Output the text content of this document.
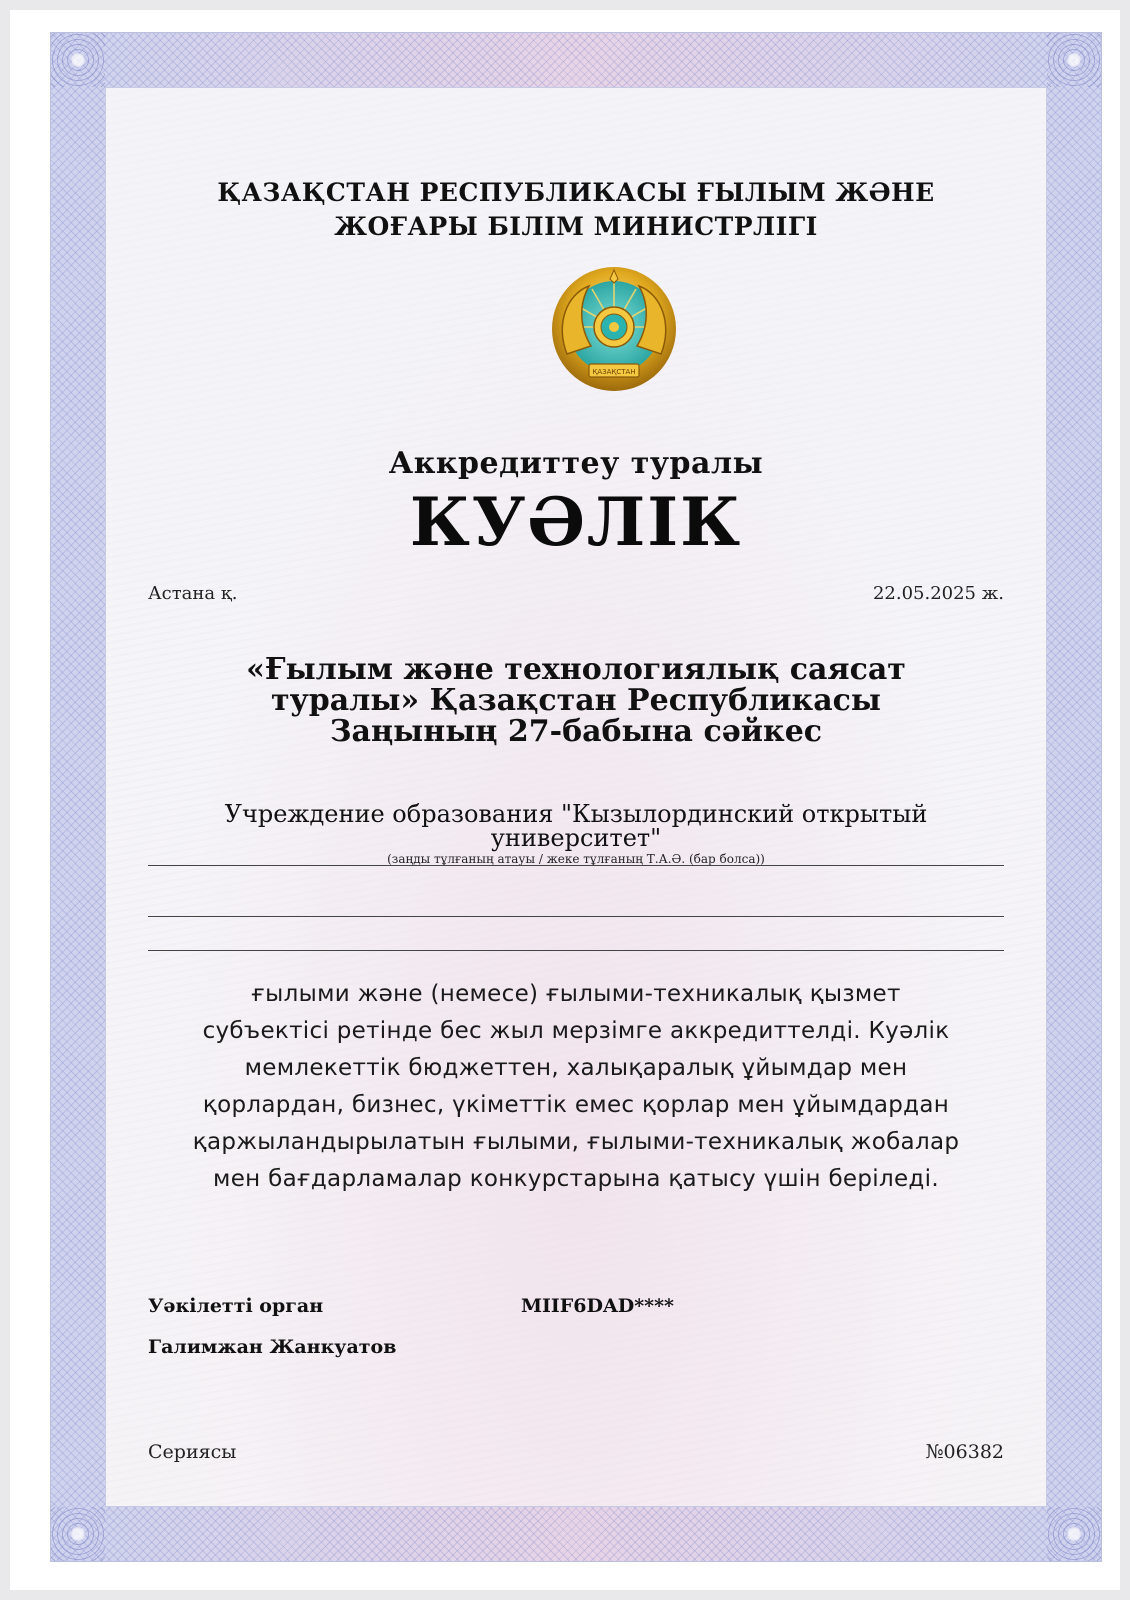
ҚАЗАҚСТАН РЕСПУБЛИКАСЫ ҒЫЛЫМ ЖӘНЕ
ЖОҒАРЫ БІЛІМ МИНИСТРЛІГІ
ҚАЗАҚСТАН
Аккредиттеу туралы
КУӘЛІК
Астана қ.	22.05.2025 ж.
«Ғылым және технологиялық саясат
туралы» Қазақстан Республикасы
Заңының 27-бабына сәйкес
Учреждение образования "Кызылординский открытый университет"
(заңды тұлғаның атауы / жеке тұлғаның Т.А.Ә. (бар болса))
ғылыми және (немесе) ғылыми-техникалық қызмет
субъектісі ретінде бес жыл мерзімге аккредиттелді. Куәлік
мемлекеттік бюджеттен, халықаралық ұйымдар мен
қорлардан, бизнес, үкіметтік емес қорлар мен ұйымдардан
қаржыландырылатын ғылыми, ғылыми-техникалық жобалар
мен бағдарламалар конкурстарына қатысу үшін беріледі.
Уәкілетті орган	MIIF6DAD****
Галимжан Жанкуатов
Сериясы	№06382
